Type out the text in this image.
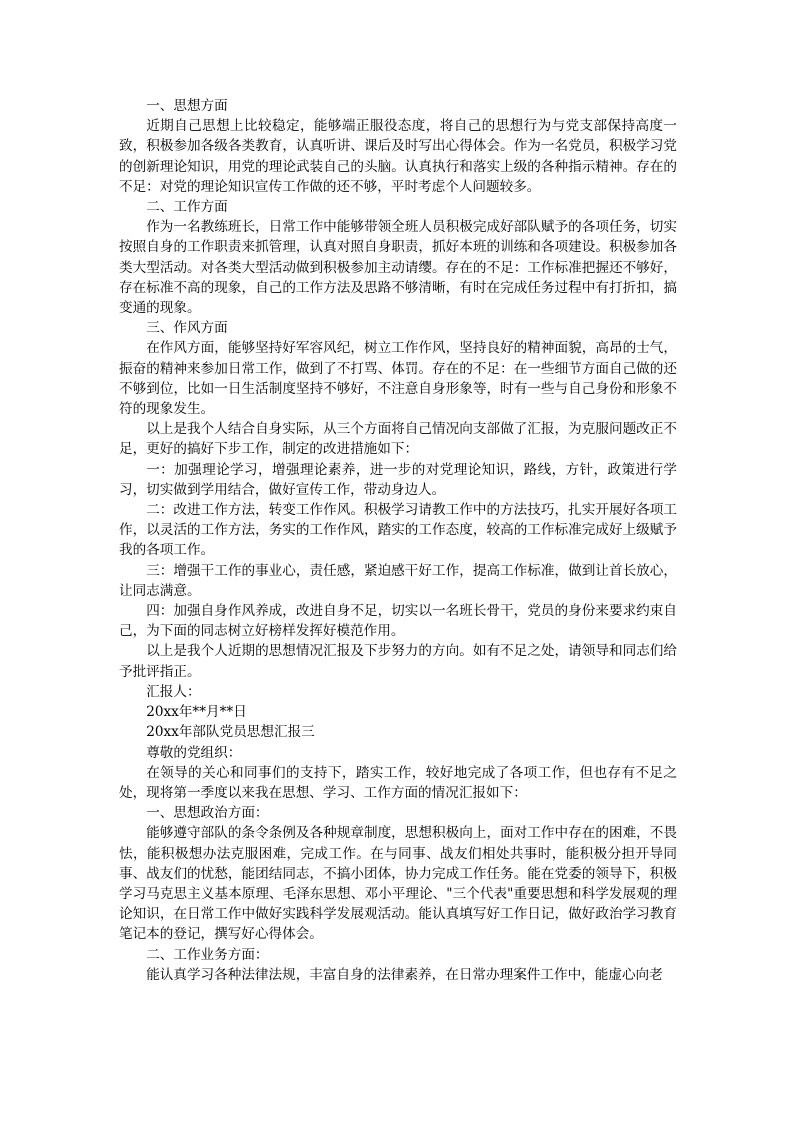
一、思想方面

近期自己思想上比较稳定，能够端正服役态度，将自己的思想行为与党支部保持高度一致，积极参加各级各类教育，认真听讲、课后及时写出心得体会。作为一名党员，积极学习党的创新理论知识，用党的理论武装自己的头脑。认真执行和落实上级的各种指示精神。存在的不足：对党的理论知识宣传工作做的还不够，平时考虑个人问题较多。

二、工作方面

作为一名教练班长，日常工作中能够带领全班人员积极完成好部队赋予的各项任务，切实按照自身的工作职责来抓管理，认真对照自身职责，抓好本班的训练和各项建设。积极参加各类大型活动。对各类大型活动做到积极参加主动请缨。存在的不足：工作标准把握还不够好，存在标准不高的现象，自己的工作方法及思路不够清晰，有时在完成任务过程中有打折扣，搞变通的现象。

三、作风方面

在作风方面，能够坚持好军容风纪，树立工作作风，坚持良好的精神面貌，高昂的士气，振奋的精神来参加日常工作，做到了不打骂、体罚。存在的不足：在一些细节方面自己做的还不够到位，比如一日生活制度坚持不够好，不注意自身形象等，时有一些与自己身份和形象不符的现象发生。

以上是我个人结合自身实际，从三个方面将自己情况向支部做了汇报，为克服问题改正不足，更好的搞好下步工作，制定的改进措施如下：

一：加强理论学习，增强理论素养，进一步的对党理论知识，路线，方针，政策进行学习，切实做到学用结合，做好宣传工作，带动身边人。

二：改进工作方法，转变工作作风。积极学习请教工作中的方法技巧，扎实开展好各项工作，以灵活的工作方法，务实的工作作风，踏实的工作态度，较高的工作标准完成好上级赋予我的各项工作。

三：增强干工作的事业心，责任感，紧迫感干好工作，提高工作标准，做到让首长放心，让同志满意。

四：加强自身作风养成，改进自身不足，切实以一名班长骨干，党员的身份来要求约束自己，为下面的同志树立好榜样发挥好模范作用。

以上是我个人近期的思想情况汇报及下步努力的方向。如有不足之处，请领导和同志们给予批评指正。

汇报人：

20xx年**月**日

20xx年部队党员思想汇报三

尊敬的党组织：

在领导的关心和同事们的支持下，踏实工作，较好地完成了各项工作，但也存有不足之处，现将第一季度以来我在思想、学习、工作方面的情况汇报如下：

一、思想政治方面：

能够遵守部队的条令条例及各种规章制度，思想积极向上，面对工作中存在的困难，不畏怯，能积极想办法克服困难，完成工作。在与同事、战友们相处共事时，能积极分担开导同事、战友们的忧愁，能团结同志，不搞小团体，协力完成工作任务。能在党委的领导下，积极学习马克思主义基本原理、毛泽东思想、邓小平理论、"三个代表"重要思想和科学发展观的理论知识，在日常工作中做好实践科学发展观活动。能认真填写好工作日记，做好政治学习教育笔记本的登记，撰写好心得体会。

二、工作业务方面：

能认真学习各种法律法规，丰富自身的法律素养，在日常办理案件工作中，能虚心向老
